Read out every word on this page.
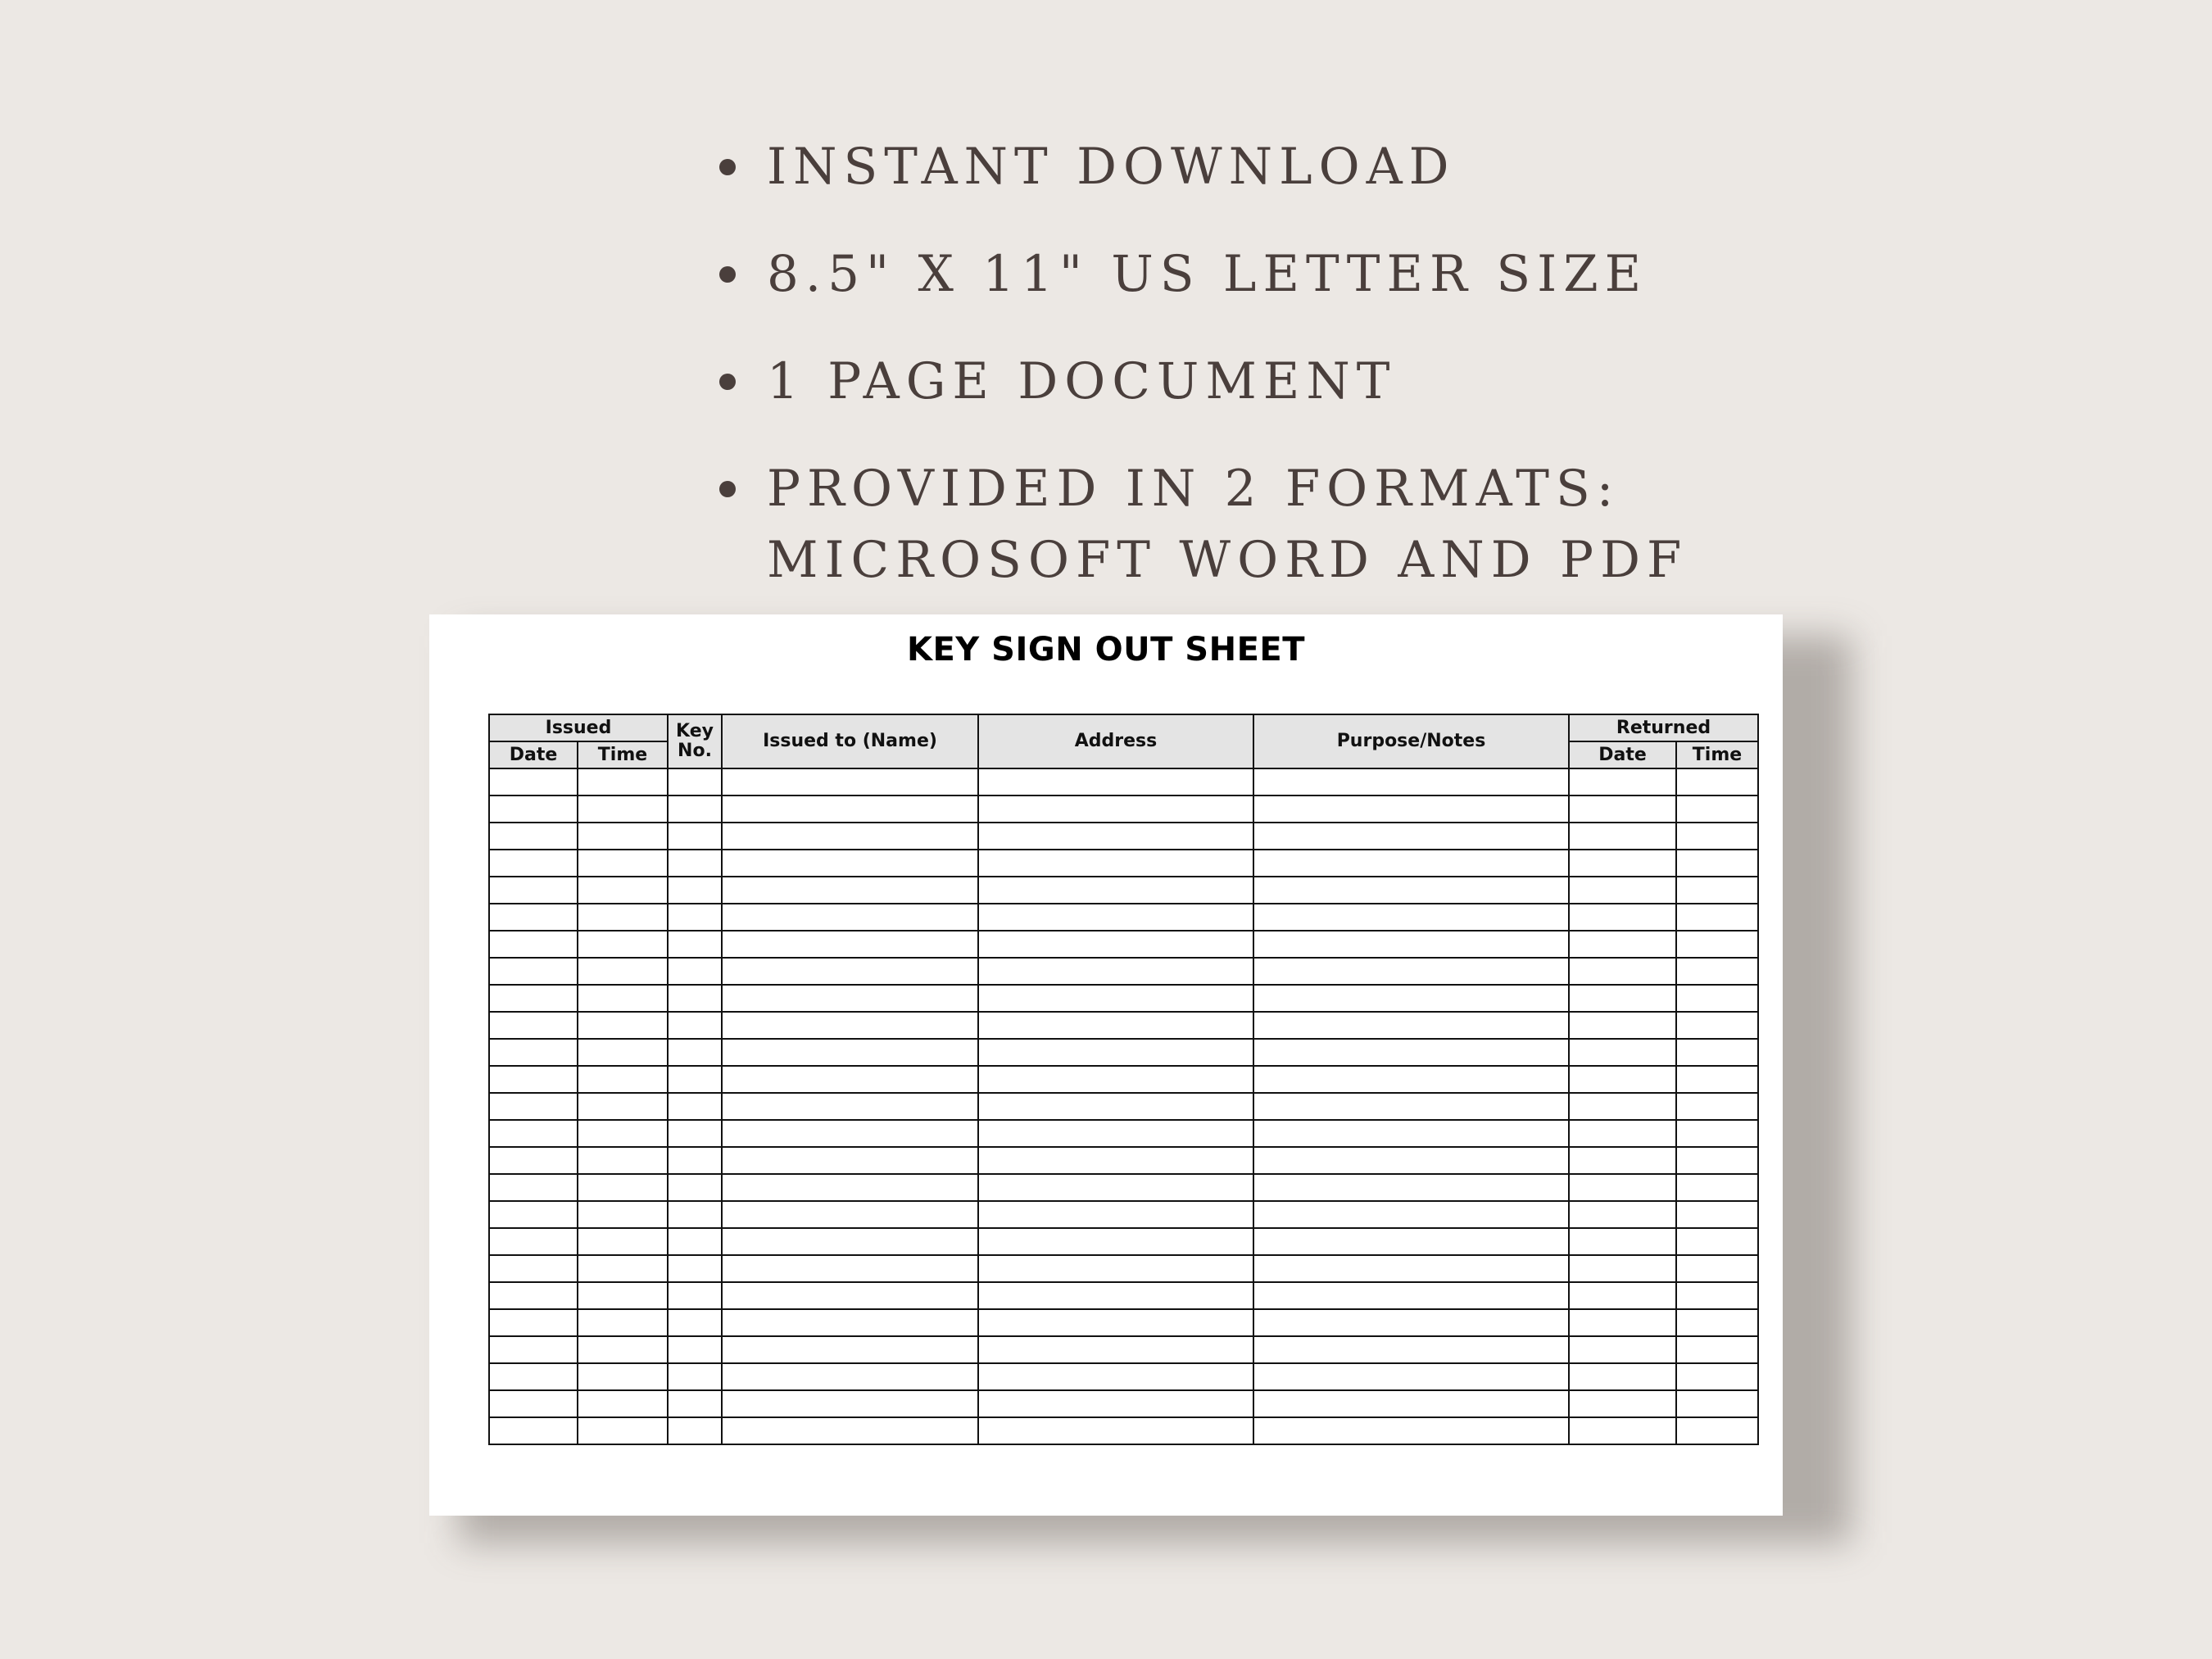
INSTANT DOWNLOAD
8.5" X 11" US LETTER SIZE
1 PAGE DOCUMENT
PROVIDED IN 2 FORMATS:
MICROSOFT WORD AND PDF
KEY SIGN OUT SHEET
Issued		Key No.	Issued to (Name)	Address	Purpose/Notes	Returned	
Date	Time					Date	Time
